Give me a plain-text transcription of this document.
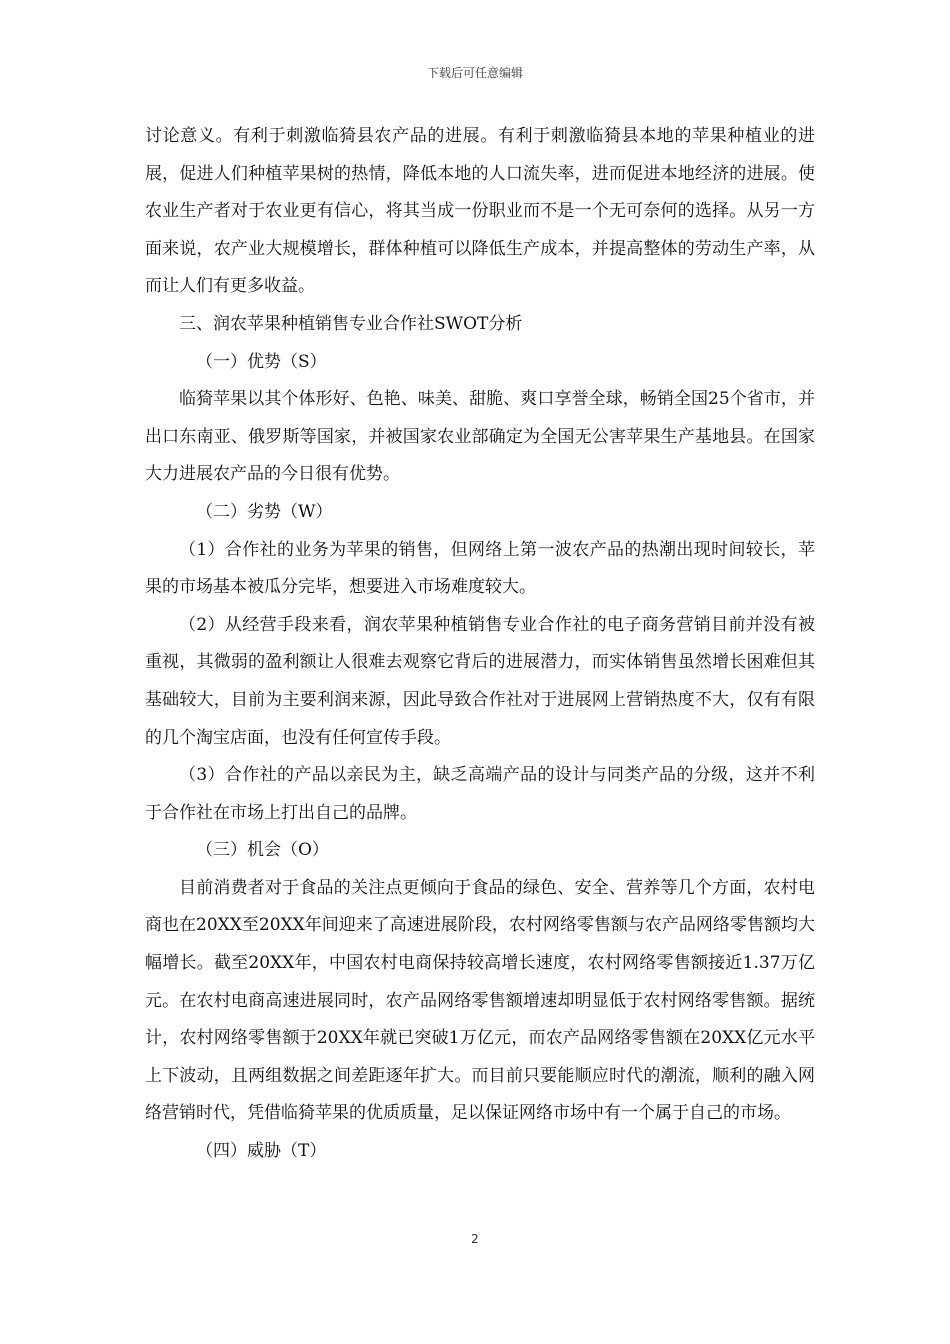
下载后可任意编辑

讨论意义。有利于刺激临猗县农产品的进展。有利于刺激临猗县本地的苹果种植业的进展，促进人们种植苹果树的热情，降低本地的人口流失率，进而促进本地经济的进展。使农业生产者对于农业更有信心，将其当成一份职业而不是一个无可奈何的选择。从另一方面来说，农产业大规模增长，群体种植可以降低生产成本，并提高整体的劳动生产率，从而让人们有更多收益。

三、润农苹果种植销售专业合作社SWOT分析

（一）优势（S）

临猗苹果以其个体形好、色艳、味美、甜脆、爽口享誉全球，畅销全国25个省市，并出口东南亚、俄罗斯等国家，并被国家农业部确定为全国无公害苹果生产基地县。在国家大力进展农产品的今日很有优势。

（二）劣势（W）

（1）合作社的业务为苹果的销售，但网络上第一波农产品的热潮出现时间较长，苹果的市场基本被瓜分完毕，想要进入市场难度较大。

（2）从经营手段来看，润农苹果种植销售专业合作社的电子商务营销目前并没有被重视，其微弱的盈利额让人很难去观察它背后的进展潜力，而实体销售虽然增长困难但其基础较大，目前为主要利润来源，因此导致合作社对于进展网上营销热度不大，仅有有限的几个淘宝店面，也没有任何宣传手段。

（3）合作社的产品以亲民为主，缺乏高端产品的设计与同类产品的分级，这并不利于合作社在市场上打出自己的品牌。

（三）机会（O）

目前消费者对于食品的关注点更倾向于食品的绿色、安全、营养等几个方面，农村电商也在20XX至20XX年间迎来了高速进展阶段，农村网络零售额与农产品网络零售额均大幅增长。截至20XX年，中国农村电商保持较高增长速度，农村网络零售额接近1.37万亿元。在农村电商高速进展同时，农产品网络零售额增速却明显低于农村网络零售额。据统计，农村网络零售额于20XX年就已突破1万亿元，而农产品网络零售额在20XX亿元水平上下波动，且两组数据之间差距逐年扩大。而目前只要能顺应时代的潮流，顺利的融入网络营销时代，凭借临猗苹果的优质质量，足以保证网络市场中有一个属于自己的市场。

（四）威胁（T）

2
